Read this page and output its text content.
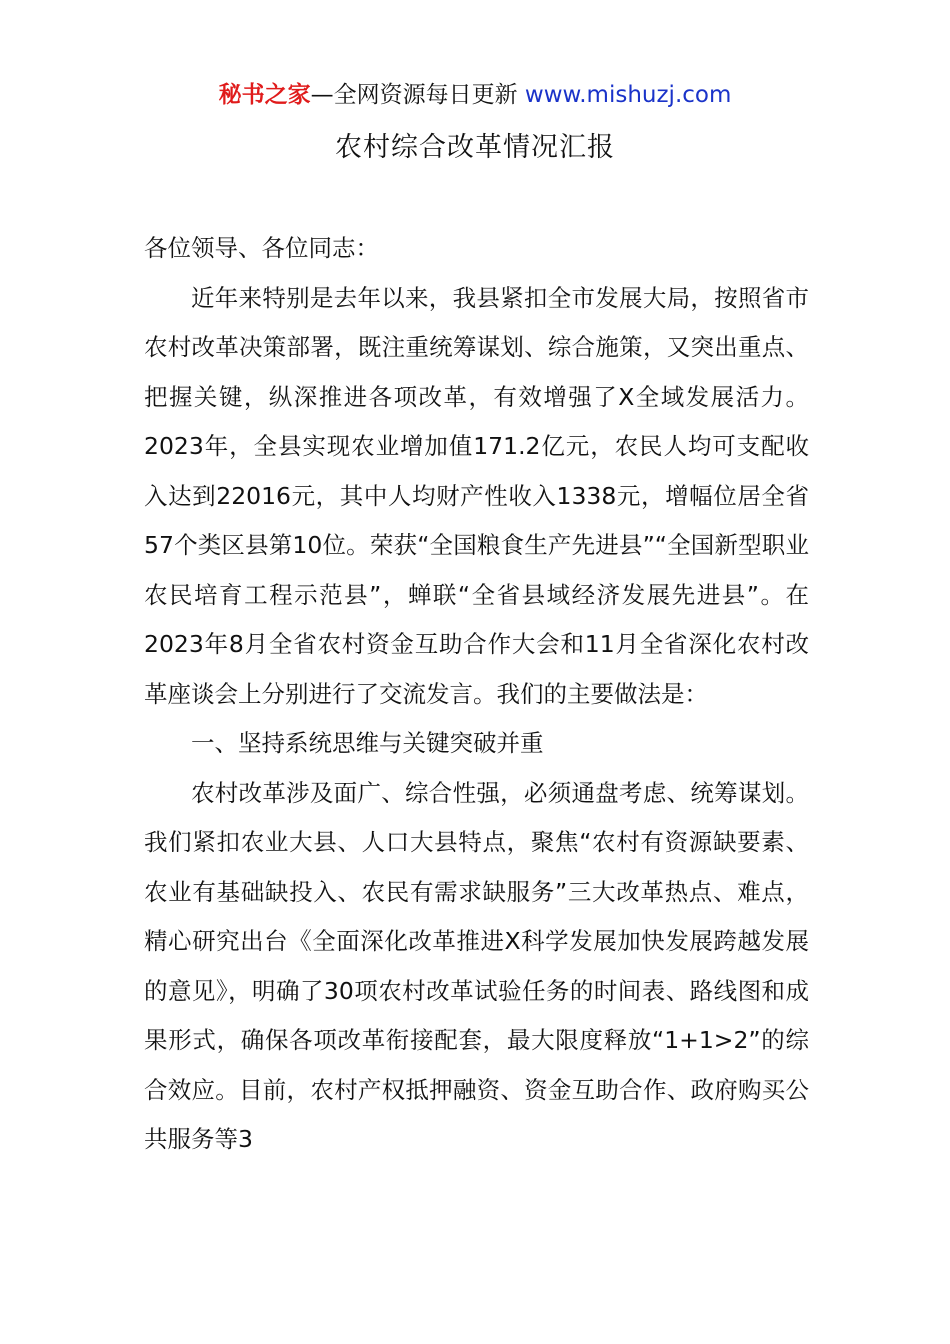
秘书之家—全网资源每日更新 www.mishuzj.com
农村综合改革情况汇报

各位领导、各位同志：

近年来特别是去年以来，我县紧扣全市发展大局，按照省市农村改革决策部署，既注重统筹谋划、综合施策，又突出重点、把握关键，纵深推进各项改革，有效增强了X全域发展活力。2023年，全县实现农业增加值171.2亿元，农民人均可支配收入达到22016元，其中人均财产性收入1338元，增幅位居全省57个类区县第10位。荣获“全国粮食生产先进县”“全国新型职业农民培育工程示范县”，蝉联“全省县域经济发展先进县”。在2023年8月全省农村资金互助合作大会和11月全省深化农村改革座谈会上分别进行了交流发言。我们的主要做法是：

一、坚持系统思维与关键突破并重

农村改革涉及面广、综合性强，必须通盘考虑、统筹谋划。我们紧扣农业大县、人口大县特点，聚焦“农村有资源缺要素、农业有基础缺投入、农民有需求缺服务”三大改革热点、难点，精心研究出台《全面深化改革推进X科学发展加快发展跨越发展的意见》，明确了30项农村改革试验任务的时间表、路线图和成果形式，确保各项改革衔接配套，最大限度释放“1+1>2”的综合效应。目前，农村产权抵押融资、资金互助合作、政府购买公共服务等3
